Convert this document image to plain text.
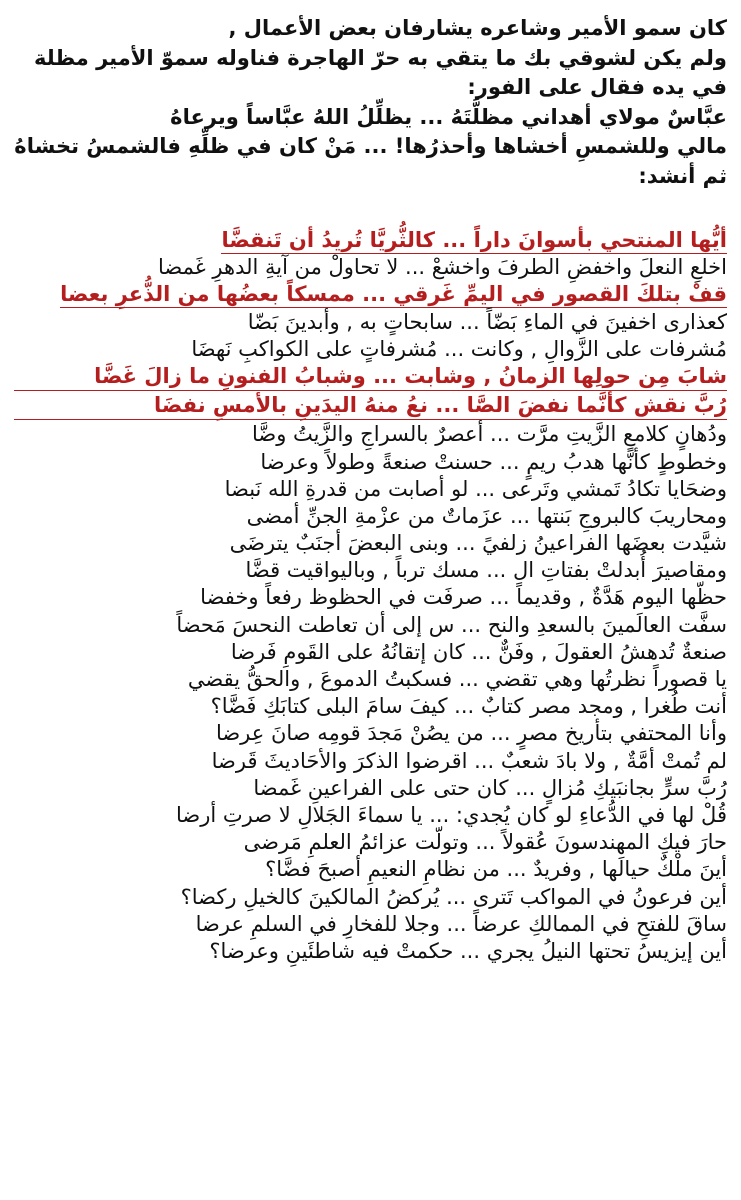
كان سمو الأمير وشاعره يشارفان بعض الأعمال ,
ولم يكن لشوقي بك ما يتقي به حرّ الهاجرة فناوله سموّ الأمير مظلة
في يده فقال على الفور:
عبَّاسٌ مولاي أهداني مظلَّتَهُ ... يظلِّلُ اللهُ عبَّاساً ويرعاهُ
مالي وللشمسِ أخشاها وأحذرُها! ... مَنْ كان في ظلِّهِ فالشمسُ تخشاهُ
ثم أنشد:
أيُّها المنتحي بأسوانَ داراً ... كالثُّريَّا تُريدُ أن تَنقضَّا
اخلعِ النعلَ واخفضِ الطرفَ واخشعْ ... لا تحاولْ من آيةِ الدهرِ غَمضا
قفْ بتلكَ القصور في اليمِّ غَرقي ... ممسكاً بعضُها من الذُّعرِ بعضا
كعذارى اخفينَ في الماءِ بَضّاً ... سابحاتٍ به , وأبدينَ بَضّا
مُشرفات على الزَّوالِ , وكانت ... مُشرفاتٍ على الكواكبِ نَهضَا
شابَ مِن حولِها الزمانُ , وشابت ... وشبابُ الفنونِ ما زالَ غَضَّا
رُبَّ نقش كأنَّما نفضَ الصَّا ... نعُ منهُ اليدَينِ بالأمسِ نفضَا
ودُهانٍ كلامعِ الزَّيتِ مرَّت ... أعصرٌ بالسراجِ والزَّيتُ وضَّا
وخطوطٍ كأنَّها هدبُ ريمٍ ... حسنتْ صنعةً وطولاً وعرضا
وضحَايا تكادُ تَمشي وتَرعى ... لو أصابت من قدرةِ الله نَبضا
ومحاريبَ كالبروجِ بَنتها ... عزَماتٌ من عزْمةِ الجنِّ أمضى
شيَّدت بعضَها الفراعينُ زلفيً ... وبنى البعضَ أجنَبٌ يترضَى
ومقاصيرَ أُبدلتْ بفتاتِ ال ... مسك ترباً , وباليواقيت قضَّا
حظّها اليوم هَدَّةٌ , وقديماً ... صرفَت في الحظوظ رفعاً وخفضا
سفَّت العالَمينَ بالسعدِ والنح ... س إلى أن تعاطت النحسَ مَحضاً
صنعةٌ تُدهشُ العقولَ , وفَنٌّ ... كان إتقانُهُ على القَومِ فَرضا
يا قصوراً نظرتُها وهي تقضي ... فسكبتُ الدموعَ , والحقُّ يقضي
أنت طُغرا , ومجد مصر كتابٌ ... كيفَ سامَ البلى كتابَكِ فَضَّا؟
وأنا المحتفي بتأريخ مصرٍ ... من يصُنْ مَجدَ قومِه صانَ عِرضا
لم تُمتْ أمَّةٌ , ولا بادَ شعبٌ ... اقرضوا الذكرَ والأحَاديثَ قَرضا
رُبَّ سرٍّ بجانبَيكِ مُزالٍ ... كان حتى على الفراعينِ غَمضا
قُلْ لها في الدُّعاءِ لو كان يُجدي: ... يا سماءَ الجَلالِ لا صرتِ أرضا
حارَ فيكِ المهندسونَ عُقولاً ... وتولّت عزائمُ العلمِ مَرضى
أينَ ملْكٌ حيالَها , وفريدٌ ... من نظامِ النعيمِ أصبحَ فضَّا؟
أين فرعونُ في المواكب تَترى ... يُركضُ المالكينَ كالخيلِ ركضا؟
ساقَ للفتحِ في الممالكِ عرضاً ... وجلا للفخارِ في السلمِ عرضا
أين إيزيسُ تحتها النيلُ يجري ... حكمتْ فيه شاطئَينِ وعرضا؟
